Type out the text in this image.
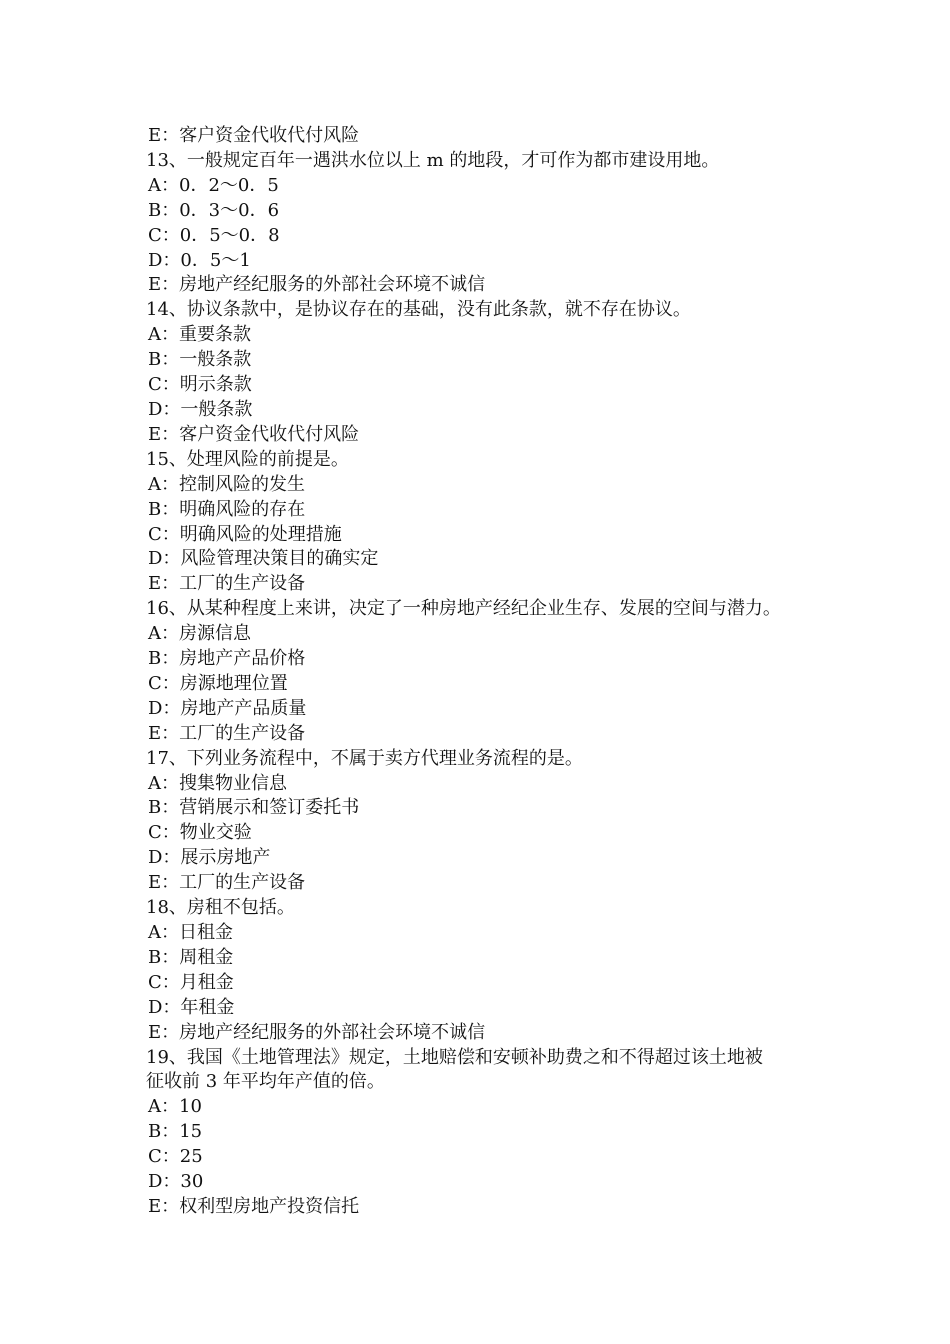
E：客户资金代收代付风险

13、一般规定百年一遇洪水位以上 m 的地段，才可作为都市建设用地。

A：0．2～0．5

B：0．3～0．6

C：0．5～0．8

D：0．5～1

E：房地产经纪服务的外部社会环境不诚信

14、协议条款中，是协议存在的基础，没有此条款，就不存在协议。

A：重要条款

B：一般条款

C：明示条款

D：一般条款

E：客户资金代收代付风险

15、处理风险的前提是。

A：控制风险的发生

B：明确风险的存在

C：明确风险的处理措施

D：风险管理决策目的确实定

E：工厂的生产设备

16、从某种程度上来讲，决定了一种房地产经纪企业生存、发展的空间与潜力。

A：房源信息

B：房地产产品价格

C：房源地理位置

D：房地产产品质量

E：工厂的生产设备

17、下列业务流程中，不属于卖方代理业务流程的是。

A：搜集物业信息

B：营销展示和签订委托书

C：物业交验

D：展示房地产

E：工厂的生产设备

18、房租不包括。

A：日租金

B：周租金

C：月租金

D：年租金

E：房地产经纪服务的外部社会环境不诚信

19、我国《土地管理法》规定，土地赔偿和安顿补助费之和不得超过该土地被

征收前 3 年平均年产值的倍。

A：10

B：15

C：25

D：30

E：权利型房地产投资信托
